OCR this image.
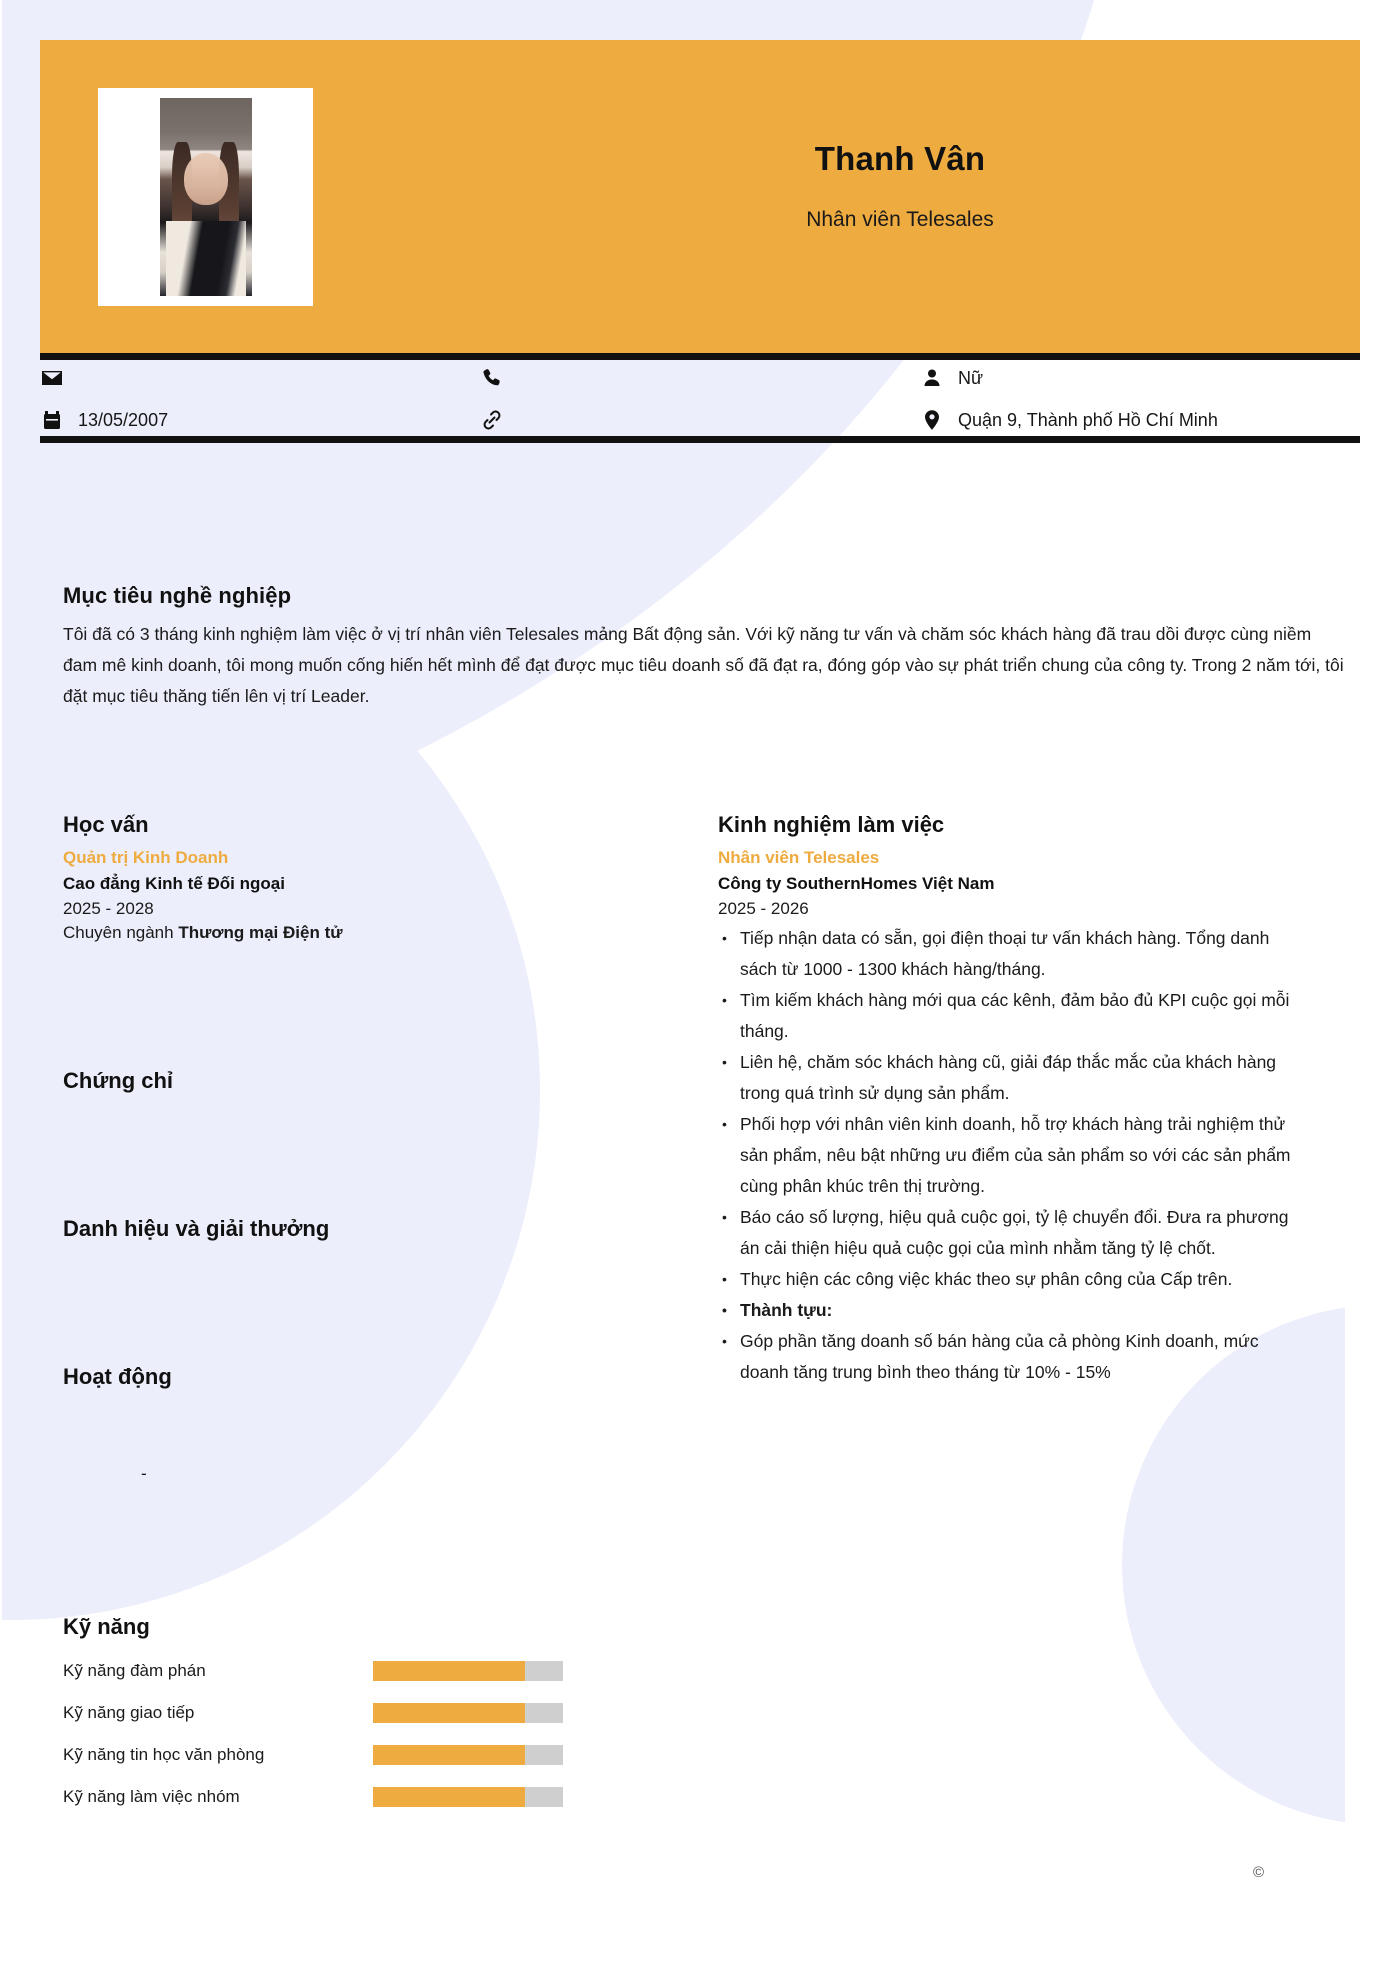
Thanh Vân
Nhân viên Telesales
13/05/2007
Nữ
Quận 9, Thành phố Hồ Chí Minh
Mục tiêu nghề nghiệp

Tôi đã có 3 tháng kinh nghiệm làm việc ở vị trí nhân viên Telesales mảng Bất động sản. Với kỹ năng tư vấn và chăm sóc khách hàng đã trau dồi được cùng niềm đam mê kinh doanh, tôi mong muốn cống hiến hết mình để đạt được mục tiêu doanh số đã đạt ra, đóng góp vào sự phát triển chung của công ty. Trong 2 năm tới, tôi đặt mục tiêu thăng tiến lên vị trí Leader.

Học vấn
Quản trị Kinh Doanh
Cao đẳng Kinh tế Đối ngoại
2025 - 2028
Chuyên ngành Thương mại Điện tử
Chứng chỉ
Danh hiệu và giải thưởng
Hoạt động
-
Kỹ năng
Kỹ năng đàm phán
Kỹ năng giao tiếp
Kỹ năng tin học văn phòng
Kỹ năng làm việc nhóm
Kinh nghiệm làm việc
Nhân viên Telesales
Công ty SouthernHomes Việt Nam
2025 - 2026
• Tiếp nhận data có sẵn, gọi điện thoại tư vấn khách hàng. Tổng danh sách từ 1000 - 1300 khách hàng/tháng.
• Tìm kiếm khách hàng mới qua các kênh, đảm bảo đủ KPI cuộc gọi mỗi tháng.
• Liên hệ, chăm sóc khách hàng cũ, giải đáp thắc mắc của khách hàng trong quá trình sử dụng sản phẩm.
• Phối hợp với nhân viên kinh doanh, hỗ trợ khách hàng trải nghiệm thử sản phẩm, nêu bật những ưu điểm của sản phẩm so với các sản phẩm cùng phân khúc trên thị trường.
• Báo cáo số lượng, hiệu quả cuộc gọi, tỷ lệ chuyển đổi. Đưa ra phương án cải thiện hiệu quả cuộc gọi của mình nhằm tăng tỷ lệ chốt.
• Thực hiện các công việc khác theo sự phân công của Cấp trên.
• Thành tựu:
• Góp phần tăng doanh số bán hàng của cả phòng Kinh doanh, mức doanh tăng trung bình theo tháng từ 10% - 15%
©
